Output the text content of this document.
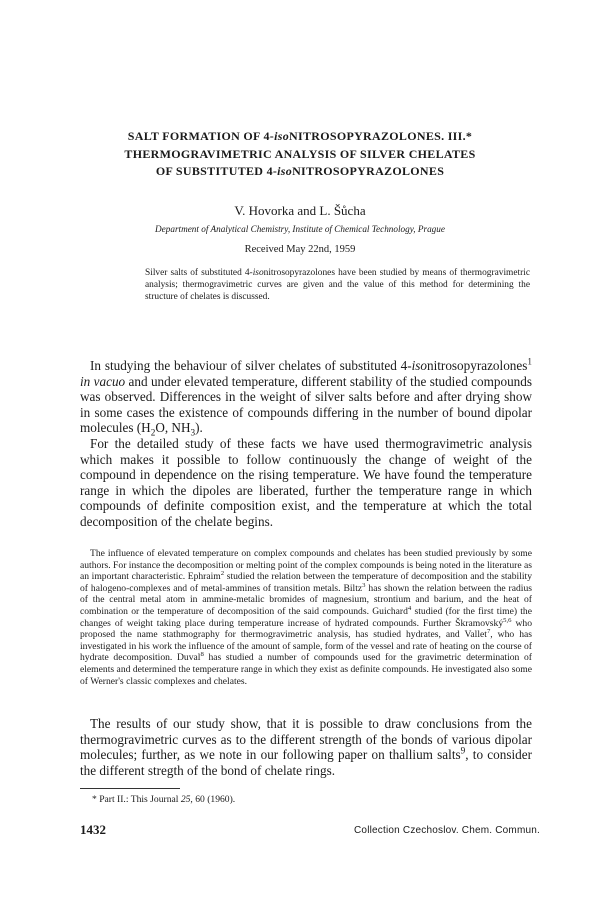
SALT FORMATION OF 4-isoNITROSOPYRAZOLONES. III.*
THERMOGRAVIMETRIC ANALYSIS OF SILVER CHELATES
OF SUBSTITUTED 4-isoNITROSOPYRAZOLONES
V. Hovorka and L. Šůcha
Department of Analytical Chemistry, Institute of Chemical Technology, Prague
Received May 22nd, 1959
Silver salts of substituted 4-isonitrosopyrazolones have been studied by means of thermogravimetric analysis; thermogravimetric curves are given and the value of this method for determining the structure of chelates is discussed.
In studying the behaviour of silver chelates of substituted 4-isonitrosopyrazolones$^1$ in vacuo and under elevated temperature, different stability of the studied compounds was observed. Differences in the weight of silver salts before and after drying show in some cases the existence of compounds differing in the number of bound dipolar molecules ($H_2O$, $NH_3$).
For the detailed study of these facts we have used thermogravimetric analysis which makes it possible to follow continuously the change of weight of the compound in dependence on the rising temperature. We have found the temperature range in which the dipoles are liberated, further the temperature range in which compounds of definite composition exist, and the temperature at which the total decomposition of the chelate begins.
The influence of elevated temperature on complex compounds and chelates has been studied previously by some authors. For instance the decomposition or melting point of the complex compounds is being noted in the literature as an important characteristic. Ephraim$^2$ studied the relation between the temperature of decomposition and the stability of halogeno-complexes and of metal-ammines of transition metals. Biltz$^3$ has shown the relation between the radius of the central metal atom in ammine-metalic bromides of magnesium, strontium and barium, and the heat of combination or the temperature of decomposition of the said compounds. Guichard$^4$ studied (for the first time) the changes of weight taking place during temperature increase of hydrated compounds. Further Škramovský$^{5,6}$ who proposed the name stathmography for thermogravimetric analysis, has studied hydrates, and Vallet$^7$, who has investigated in his work the influence of the amount of sample, form of the vessel and rate of heating on the course of hydrate decomposition. Duval$^8$ has studied a number of compounds used for the gravimetric determination of elements and determined the temperature range in which they exist as definite compounds. He investigated also some of Werner's classic complexes and chelates.
The results of our study show, that it is possible to draw conclusions from the thermogravimetric curves as to the different strength of the bonds of various dipolar molecules; further, as we note in our following paper on thallium salts$^9$, to consider the different stregth of the bond of chelate rings.
* Part II.: This Journal 25, 60 (1960).
1432	Collection Czechoslov. Chem. Commun.
